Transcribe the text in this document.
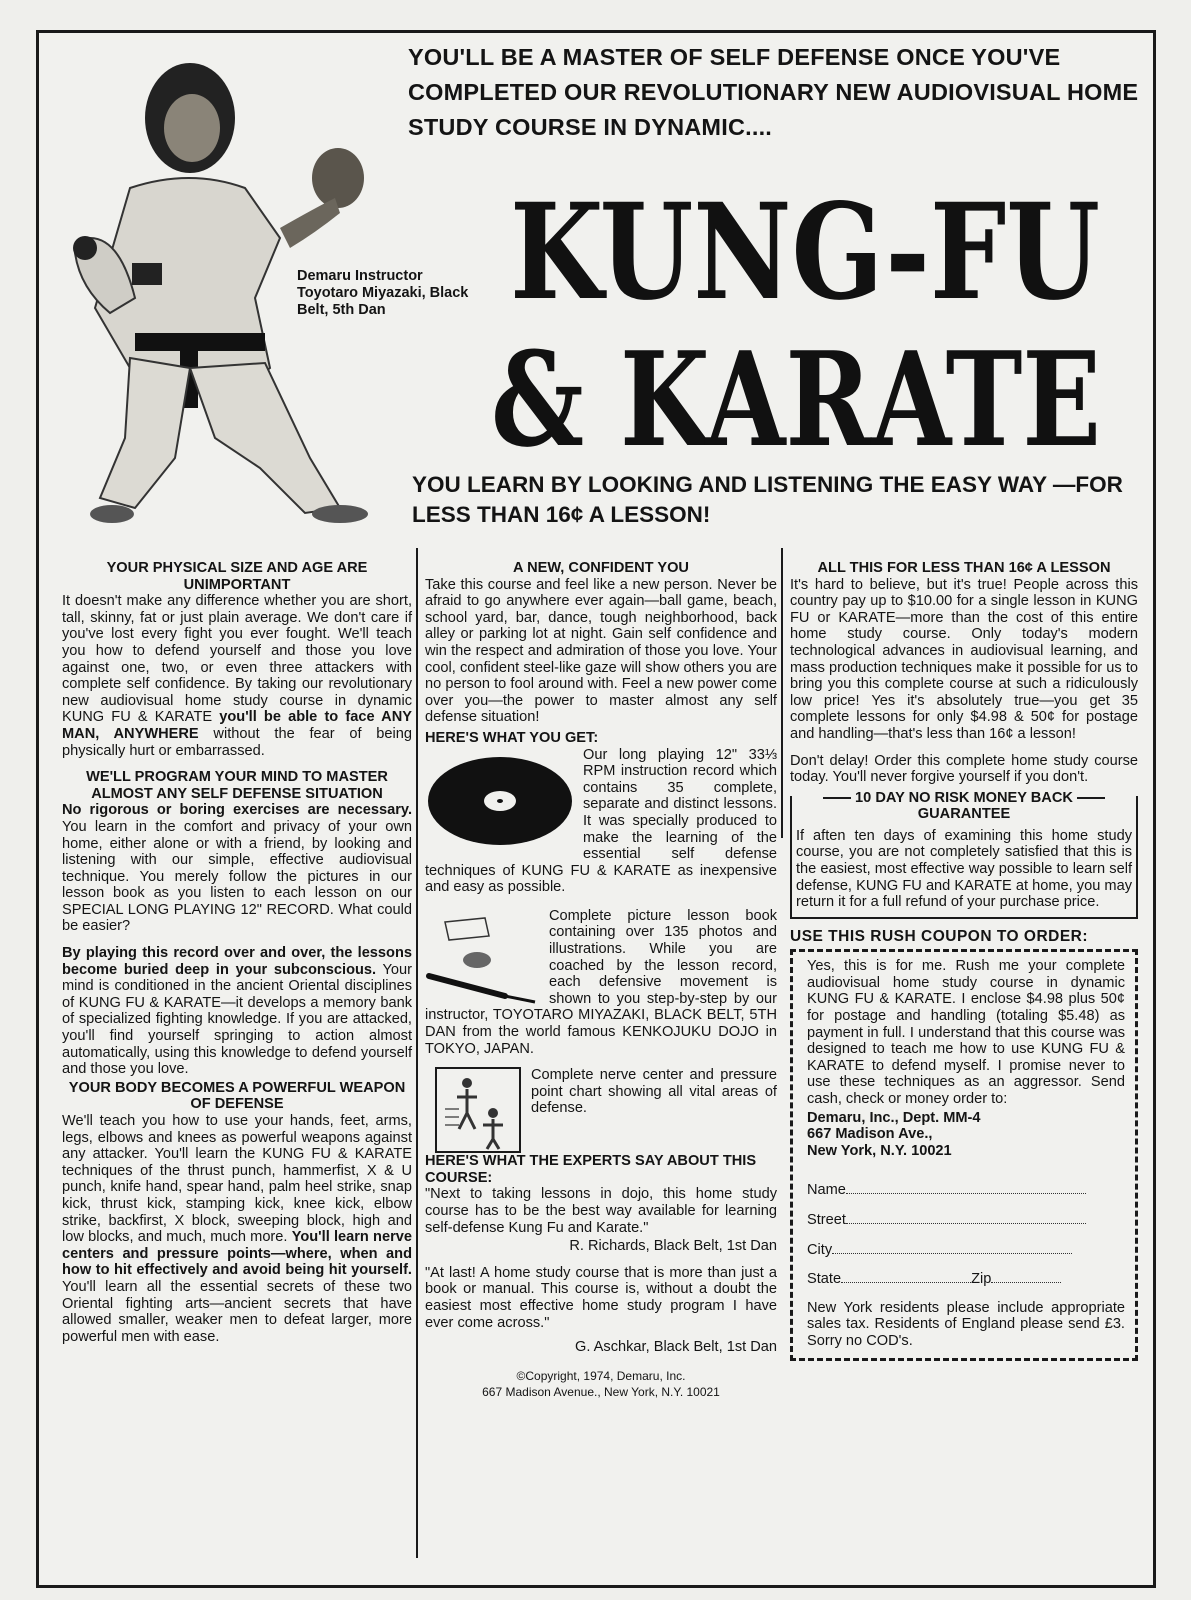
Demaru Instructor Toyotaro Miyazaki, Black Belt, 5th Dan
YOU'LL BE A MASTER OF SELF DEFENSE ONCE YOU'VE COMPLETED OUR REVOLUTIONARY NEW AUDIOVISUAL HOME STUDY COURSE IN DYNAMIC....
KUNG-FU
& KARATE
YOU LEARN BY LOOKING AND LISTENING THE EASY WAY —FOR LESS THAN 16¢ A LESSON!
YOUR PHYSICAL SIZE AND AGE ARE UNIMPORTANT

It doesn't make any difference whether you are short, tall, skinny, fat or just plain average. We don't care if you've lost every fight you ever fought. We'll teach you how to defend yourself and those you love against one, two, or even three attackers with complete self confidence. By taking our revolutionary new audiovisual home study course in dynamic KUNG FU & KARATE you'll be able to face ANY MAN, ANYWHERE without the fear of being physically hurt or embarrassed.

WE'LL PROGRAM YOUR MIND TO MASTER ALMOST ANY SELF DEFENSE SITUATION

No rigorous or boring exercises are necessary. You learn in the comfort and privacy of your own home, either alone or with a friend, by looking and listening with our simple, effective audiovisual technique. You merely follow the pictures in our lesson book as you listen to each lesson on our SPECIAL LONG PLAYING 12" RECORD. What could be easier?

By playing this record over and over, the lessons become buried deep in your subconscious. Your mind is conditioned in the ancient Oriental disciplines of KUNG FU & KARATE—it develops a memory bank of specialized fighting knowledge. If you are attacked, you'll find yourself springing to action almost automatically, using this knowledge to defend yourself and those you love.

YOUR BODY BECOMES A POWERFUL WEAPON OF DEFENSE

We'll teach you how to use your hands, feet, arms, legs, elbows and knees as powerful weapons against any attacker. You'll learn the KUNG FU & KARATE techniques of the thrust punch, hammerfist, X & U punch, knife hand, spear hand, palm heel strike, snap kick, thrust kick, stamping kick, knee kick, elbow strike, backfirst, X block, sweeping block, high and low blocks, and much, much more. You'll learn nerve centers and pressure points—where, when and how to hit effectively and avoid being hit yourself. You'll learn all the essential secrets of these two Oriental fighting arts—ancient secrets that have allowed smaller, weaker men to defeat larger, more powerful men with ease.

A NEW, CONFIDENT YOU

Take this course and feel like a new person. Never be afraid to go anywhere ever again—ball game, beach, school yard, bar, dance, tough neighborhood, back alley or parking lot at night. Gain self confidence and win the respect and admiration of those you love. Your cool, confident steel-like gaze will show others you are no person to fool around with. Feel a new power come over you—the power to master almost any self defense situation!

HERE'S WHAT YOU GET:

Our long playing 12" 33⅓ RPM instruction record which contains 35 complete, separate and distinct lessons. It was specially produced to make the learning of the essential self defense techniques of KUNG FU & KARATE as inexpensive and easy as possible.

Complete picture lesson book containing over 135 photos and illustrations. While you are coached by the lesson record, each defensive movement is shown to you step-by-step by our instructor, TOYOTARO MIYAZAKI, BLACK BELT, 5TH DAN from the world famous KENKOJUKU DOJO in TOKYO, JAPAN.

Complete nerve center and pressure point chart showing all vital areas of defense.

HERE'S WHAT THE EXPERTS SAY ABOUT THIS COURSE:

"Next to taking lessons in dojo, this home study course has to be the best way available for learning self-defense Kung Fu and Karate."

R. Richards, Black Belt, 1st Dan

"At last! A home study course that is more than just a book or manual. This course is, without a doubt the easiest most effective home study program I have ever come across."

G. Aschkar, Black Belt, 1st Dan

©Copyright, 1974, Demaru, Inc.
667 Madison Avenue., New York, N.Y. 10021
ALL THIS FOR LESS THAN 16¢ A LESSON

It's hard to believe, but it's true! People across this country pay up to $10.00 for a single lesson in KUNG FU or KARATE—more than the cost of this entire home study course. Only today's modern technological advances in audiovisual learning, and mass production techniques make it possible for us to bring you this complete course at such a ridiculously low price! Yes it's absolutely true—you get 35 complete lessons for only $4.98 & 50¢ for postage and handling—that's less than 16¢ a lesson!

Don't delay! Order this complete home study course today. You'll never forgive yourself if you don't.

10 DAY NO RISK MONEY BACK
GUARANTEE

If aften ten days of examining this home study course, you are not completely satisfied that this is the easiest, most effective way possible to learn self defense, KUNG FU and KARATE at home, you may return it for a full refund of your purchase price.

USE THIS RUSH COUPON TO ORDER:

Yes, this is for me. Rush me your complete audiovisual home study course in dynamic KUNG FU & KARATE. I enclose $4.98 plus 50¢ for postage and handling (totaling $5.48) as payment in full. I understand that this course was designed to teach me how to use KUNG FU & KARATE to defend myself. I promise never to use these techniques as an aggressor. Send cash, check or money order to:

Demaru, Inc., Dept. MM-4
667 Madison Ave.,
New York, N.Y. 10021
Name
Street
City
State	Zip

New York residents please include appropriate sales tax. Residents of England please send £3. Sorry no COD's.
